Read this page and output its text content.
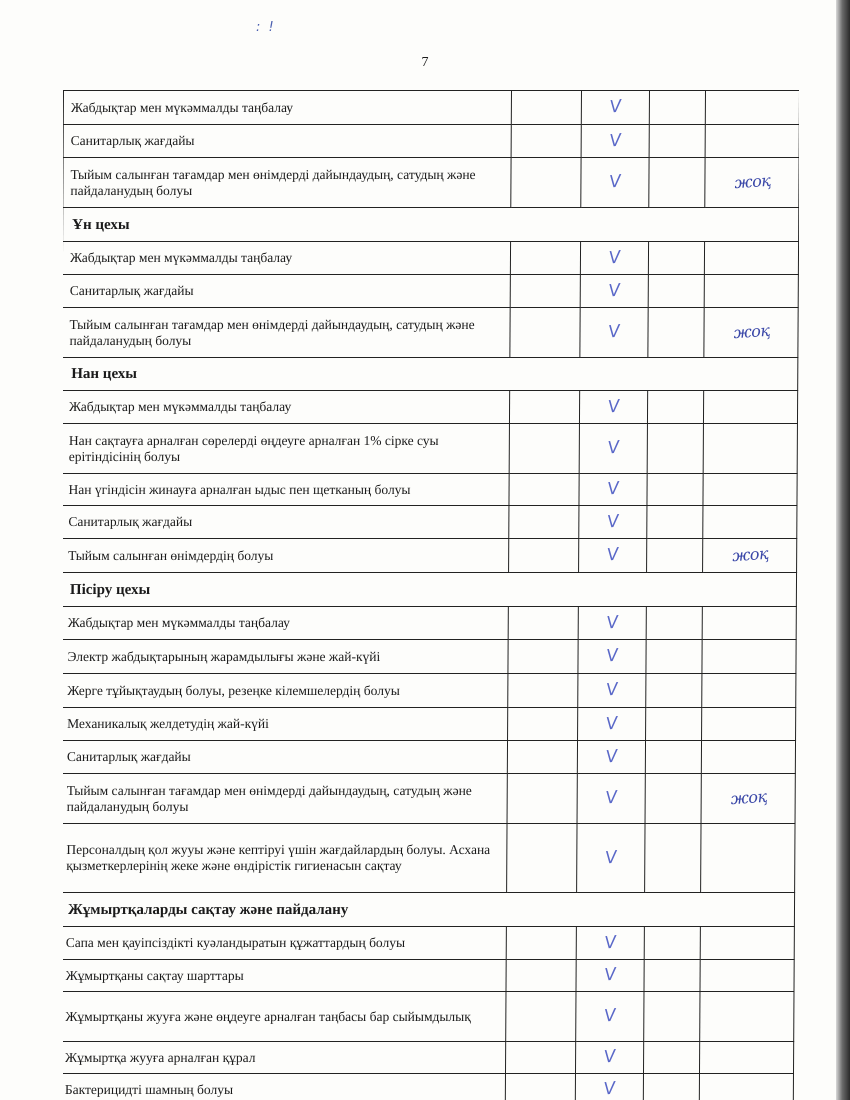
: !
7
Жабдықтар мен мүкәммалды таңбалау		V		
Санитарлық жағдайы		V		
Тыйым салынған тағамдар мен өнімдерді дайындаудың, сатудың және пайдаланудың болуы		V		жоқ
Ұн цехы				
Жабдықтар мен мүкәммалды таңбалау		V		
Санитарлық жағдайы		V		
Тыйым салынған тағамдар мен өнімдерді дайындаудың, сатудың және пайдаланудың болуы		V		жоқ
Нан цехы				
Жабдықтар мен мүкәммалды таңбалау		V		
Нан сақтауға арналған сөрелерді өңдеуге арналған 1% сірке суы ерітіндісінің болуы		V		
Нан үгіндісін жинауға арналған ыдыс пен щетканың болуы		V		
Санитарлық жағдайы		V		
Тыйым салынған өнімдердің болуы		V		жоқ
Пісіру цехы				
Жабдықтар мен мүкәммалды таңбалау		V		
Электр жабдықтарының жарамдылығы және жай-күйі		V		
Жерге тұйықтаудың болуы, резеңке кілемшелердің болуы		V		
Механикалық желдетудің жай-күйі		V		
Санитарлық жағдайы		V		
Тыйым салынған тағамдар мен өнімдерді дайындаудың, сатудың және пайдаланудың болуы		V		жоқ
Персоналдың қол жууы және кептіруі үшін жағдайлардың болуы. Асхана қызметкерлерінің жеке және өндірістік гигиенасын сақтау		V		
Жұмыртқаларды сақтау және пайдалану				
Сапа мен қауіпсіздікті куәландыратын құжаттардың болуы		V		
Жұмыртқаны сақтау шарттары		V		
Жұмыртқаны жууға және өңдеуге арналған таңбасы бар сыйымдылық		V		
Жұмыртқа жууға арналған құрал		V		
Бактерицидті шамның болуы		V		
